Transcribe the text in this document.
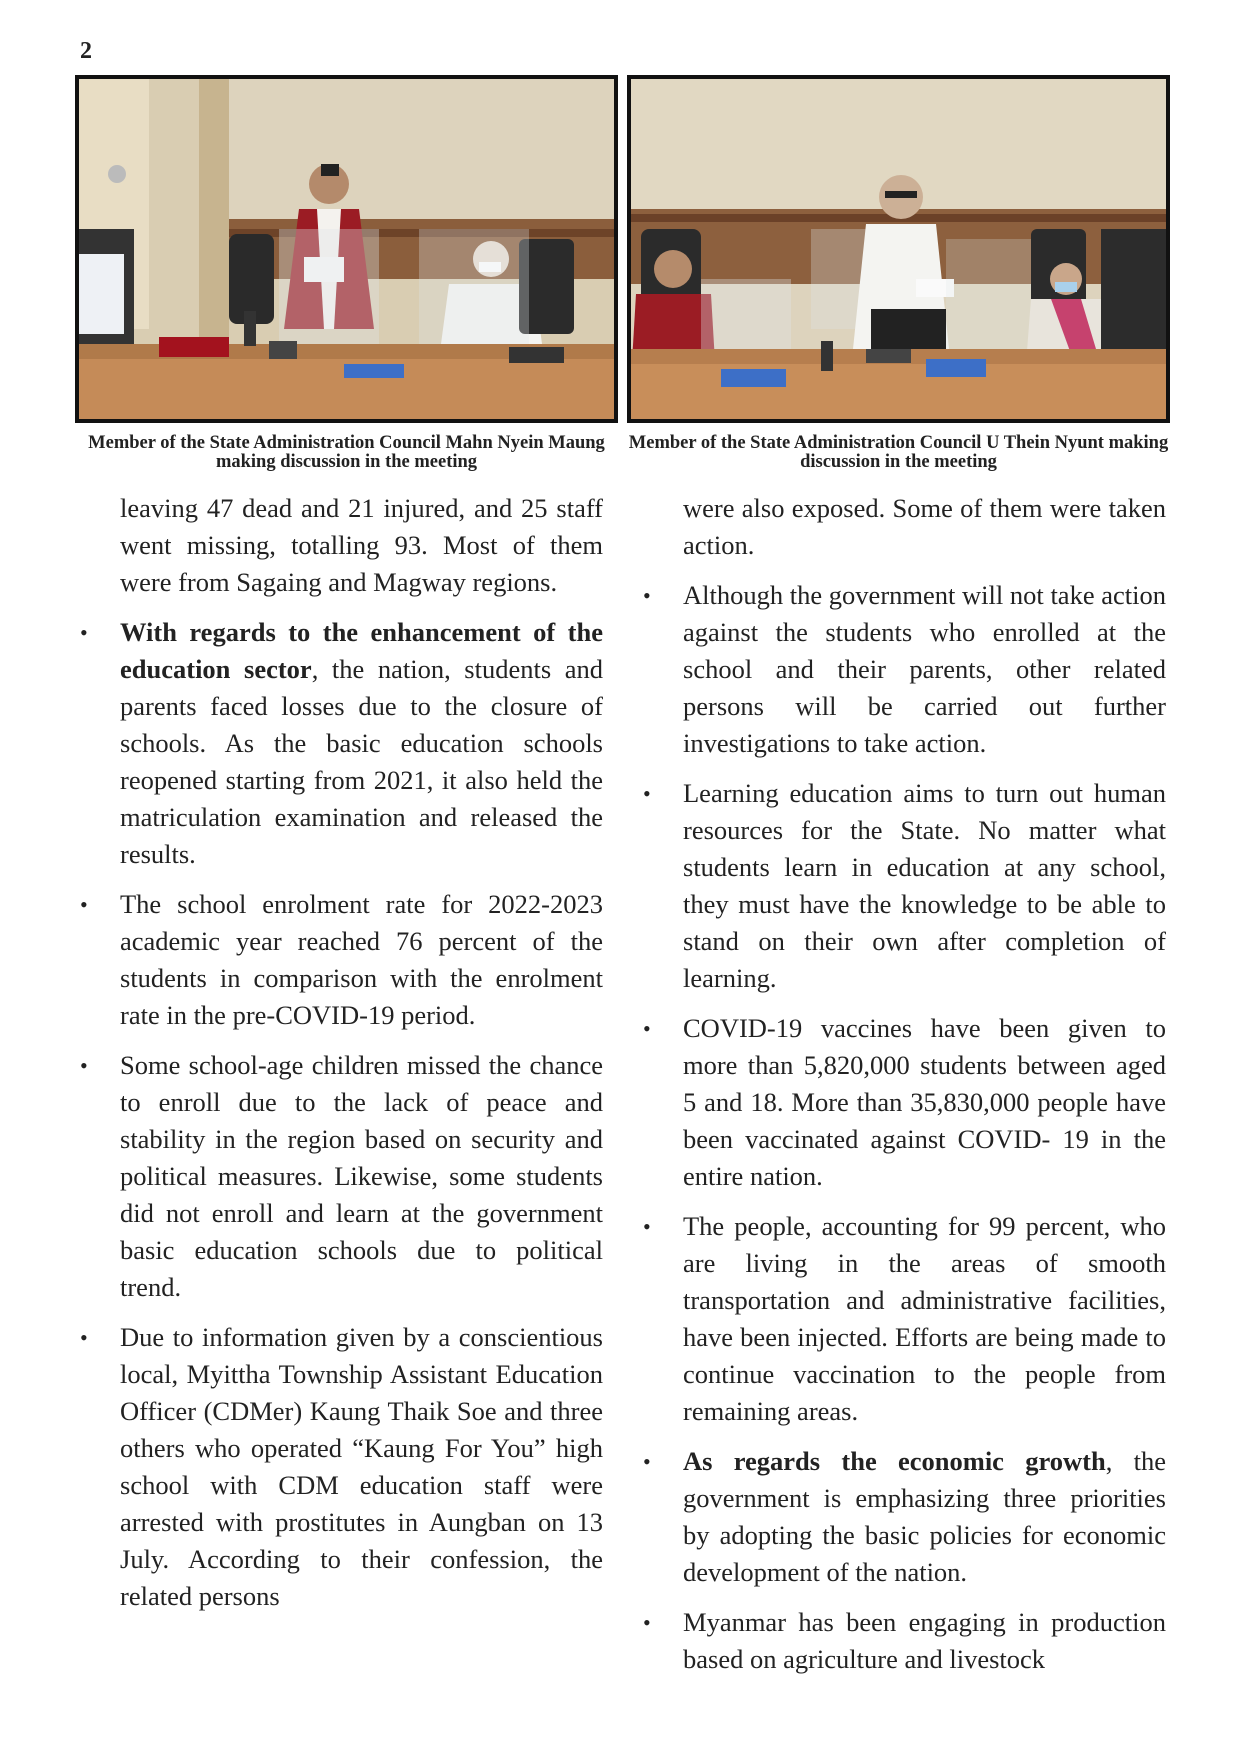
2
Member of the State Administration Council Mahn Nyein Maung making discussion in the meeting
Member of the State Administration Council U Thein Nyunt making discussion in the meeting

leaving 47 dead and 21 injured, and 25 staff went missing, totalling 93. Most of them were from Sagaing and Magway regions.

• With regards to the enhancement of the education sector, the nation, students and parents faced losses due to the closure of schools. As the basic education schools reopened starting from 2021, it also held the matriculation examination and released the results.

• The school enrolment rate for 2022-2023 academic year reached 76 percent of the students in comparison with the enrolment rate in the pre-COVID-19 period.

• Some school-age children missed the chance to enroll due to the lack of peace and stability in the region based on security and political measures. Likewise, some students did not enroll and learn at the government basic education schools due to political trend.

• Due to information given by a conscientious local, Myittha Township Assistant Education Officer (CDMer) Kaung Thaik Soe and three others who operated “Kaung For You” high school with CDM education staff were arrested with prostitutes in Aungban on 13 July. According to their confession, the related persons

were also exposed. Some of them were taken action.

• Although the government will not take action against the students who enrolled at the school and their parents, other related persons will be carried out further investigations to take action.

• Learning education aims to turn out human resources for the State. No matter what students learn in education at any school, they must have the knowledge to be able to stand on their own after completion of learning.

• COVID-19 vaccines have been given to more than 5,820,000 students between aged 5 and 18. More than 35,830,000 people have been vaccinated against COVID- 19 in the entire nation.

• The people, accounting for 99 percent, who are living in the areas of smooth transportation and administrative facilities, have been injected. Efforts are being made to continue vaccination to the people from remaining areas.

• As regards the economic growth, the government is emphasizing three priorities by adopting the basic policies for economic development of the nation.

• Myanmar has been engaging in production based on agriculture and livestock
